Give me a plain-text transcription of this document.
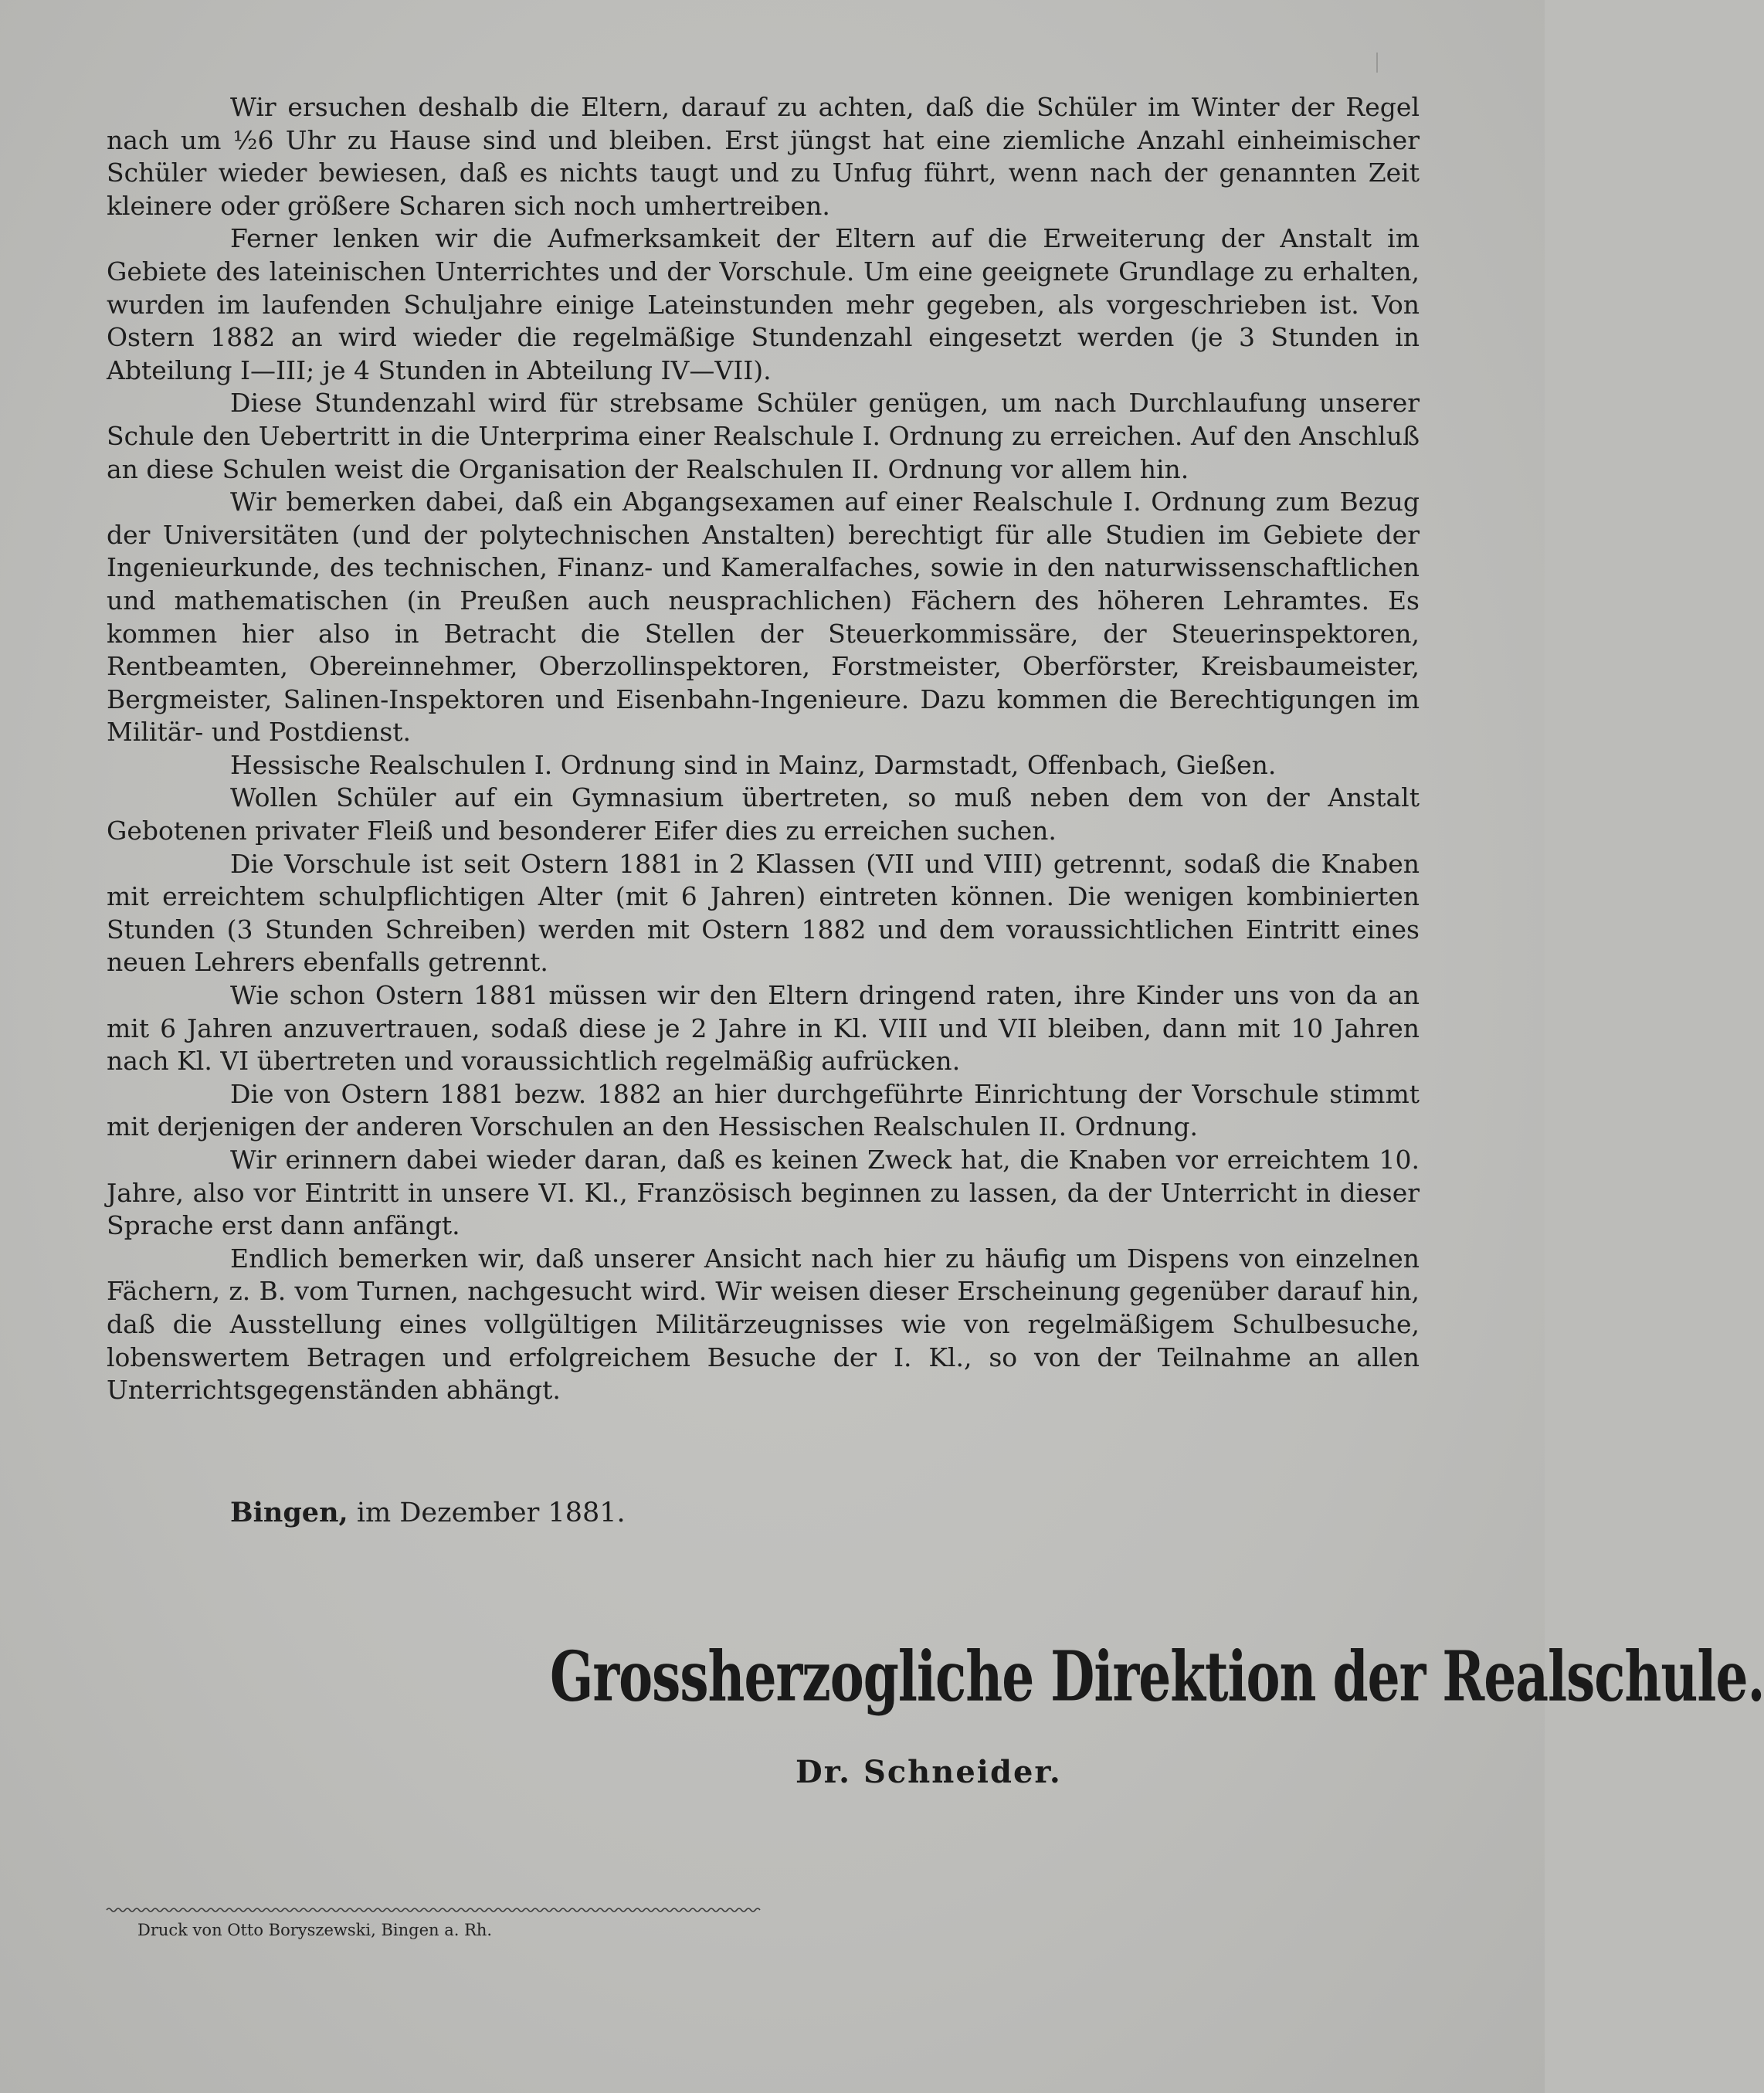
Wir ersuchen deshalb die Eltern, darauf zu achten, daß die Schüler im Winter der Regel nach um ½6 Uhr zu Hause sind und bleiben. Erst jüngst hat eine ziemliche Anzahl einheimischer Schüler wieder bewiesen, daß es nichts taugt und zu Unfug führt, wenn nach der genannten Zeit kleinere oder größere Scharen sich noch umhertreiben.

Ferner lenken wir die Aufmerksamkeit der Eltern auf die Erweiterung der Anstalt im Gebiete des lateinischen Unterrichtes und der Vorschule. Um eine geeignete Grundlage zu erhalten, wurden im laufenden Schuljahre einige Lateinstunden mehr gegeben, als vorgeschrieben ist. Von Ostern 1882 an wird wieder die regelmäßige Stundenzahl eingesetzt werden (je 3 Stunden in Abteilung I—III; je 4 Stunden in Abteilung IV—VII).

Diese Stundenzahl wird für strebsame Schüler genügen, um nach Durchlaufung unserer Schule den Uebertritt in die Unterprima einer Realschule I. Ordnung zu erreichen. Auf den Anschluß an diese Schulen weist die Organisation der Realschulen II. Ordnung vor allem hin.

Wir bemerken dabei, daß ein Abgangsexamen auf einer Realschule I. Ordnung zum Bezug der Universitäten (und der polytechnischen Anstalten) berechtigt für alle Studien im Gebiete der Ingenieurkunde, des technischen, Finanz- und Kameralfaches, sowie in den naturwissenschaftlichen und mathematischen (in Preußen auch neusprachlichen) Fächern des höheren Lehramtes. Es kommen hier also in Betracht die Stellen der Steuerkommissäre, der Steuerinspektoren, Rentbeamten, Obereinnehmer, Oberzollinspektoren, Forstmeister, Oberförster, Kreisbaumeister, Bergmeister, Salinen-Inspektoren und Eisenbahn-Ingenieure. Dazu kommen die Berechtigungen im Militär- und Postdienst.

Hessische Realschulen I. Ordnung sind in Mainz, Darmstadt, Offenbach, Gießen.

Wollen Schüler auf ein Gymnasium übertreten, so muß neben dem von der Anstalt Gebotenen privater Fleiß und besonderer Eifer dies zu erreichen suchen.

Die Vorschule ist seit Ostern 1881 in 2 Klassen (VII und VIII) getrennt, sodaß die Knaben mit erreichtem schulpflichtigen Alter (mit 6 Jahren) eintreten können. Die wenigen kombinierten Stunden (3 Stunden Schreiben) werden mit Ostern 1882 und dem voraussichtlichen Eintritt eines neuen Lehrers ebenfalls getrennt.

Wie schon Ostern 1881 müssen wir den Eltern dringend raten, ihre Kinder uns von da an mit 6 Jahren anzuvertrauen, sodaß diese je 2 Jahre in Kl. VIII und VII bleiben, dann mit 10 Jahren nach Kl. VI übertreten und voraussichtlich regelmäßig aufrücken.

Die von Ostern 1881 bezw. 1882 an hier durchgeführte Einrichtung der Vorschule stimmt mit derjenigen der anderen Vorschulen an den Hessischen Realschulen II. Ordnung.

Wir erinnern dabei wieder daran, daß es keinen Zweck hat, die Knaben vor erreichtem 10. Jahre, also vor Eintritt in unsere VI. Kl., Französisch beginnen zu lassen, da der Unterricht in dieser Sprache erst dann anfängt.

Endlich bemerken wir, daß unserer Ansicht nach hier zu häufig um Dispens von einzelnen Fächern, z. B. vom Turnen, nachgesucht wird. Wir weisen dieser Erscheinung gegenüber darauf hin, daß die Ausstellung eines vollgültigen Militärzeugnisses wie von regelmäßigem Schulbesuche, lobenswertem Betragen und erfolgreichem Besuche der I. Kl., so von der Teilnahme an allen Unterrichtsgegenständen abhängt.

Bingen, im Dezember 1881.
Grossherzogliche Direktion der Realschule.
Dr. Schneider.
Druck von Otto Boryszewski, Bingen a. Rh.
